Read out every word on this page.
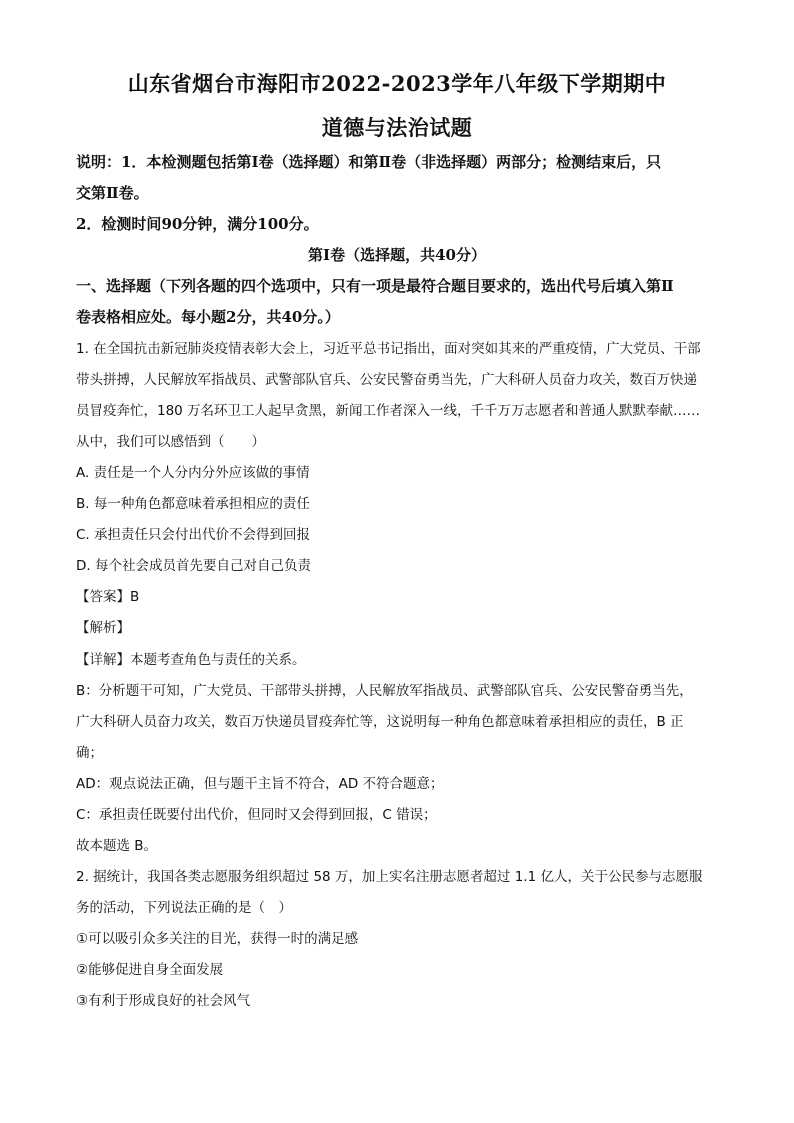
山东省烟台市海阳市2022-2023学年八年级下学期期中
道德与法治试题
说明：1．本检测题包括第Ⅰ卷（选择题）和第Ⅱ卷（非选择题）两部分；检测结束后，只
交第Ⅱ卷。
2．检测时间90分钟，满分100分。
第Ⅰ卷（选择题，共40分）
一、选择题（下列各题的四个选项中，只有一项是最符合题目要求的，选出代号后填入第Ⅱ
卷表格相应处。每小题2分，共40分。）
1. 在全国抗击新冠肺炎疫情表彰大会上，习近平总书记指出，面对突如其来的严重疫情，广大党员、干部
带头拼搏，人民解放军指战员、武警部队官兵、公安民警奋勇当先，广大科研人员奋力攻关，数百万快递
员冒疫奔忙，180 万名环卫工人起早贪黑，新闻工作者深入一线，千千万万志愿者和普通人默默奉献……
从中，我们可以感悟到（　　）
A. 责任是一个人分内分外应该做的事情
B. 每一种角色都意味着承担相应的责任
C. 承担责任只会付出代价不会得到回报
D. 每个社会成员首先要自己对自己负责
【答案】B
【解析】
【详解】本题考查角色与责任的关系。
B：分析题干可知，广大党员、干部带头拼搏，人民解放军指战员、武警部队官兵、公安民警奋勇当先，
广大科研人员奋力攻关，数百万快递员冒疫奔忙等，这说明每一种角色都意味着承担相应的责任，B 正
确；
AD：观点说法正确，但与题干主旨不符合，AD 不符合题意；
C：承担责任既要付出代价，但同时又会得到回报，C 错误；
故本题选 B。
2. 据统计，我国各类志愿服务组织超过 58 万，加上实名注册志愿者超过 1.1 亿人，关于公民参与志愿服
务的活动，下列说法正确的是（　）
①可以吸引众多关注的目光，获得一时的满足感
②能够促进自身全面发展
③有利于形成良好的社会风气
